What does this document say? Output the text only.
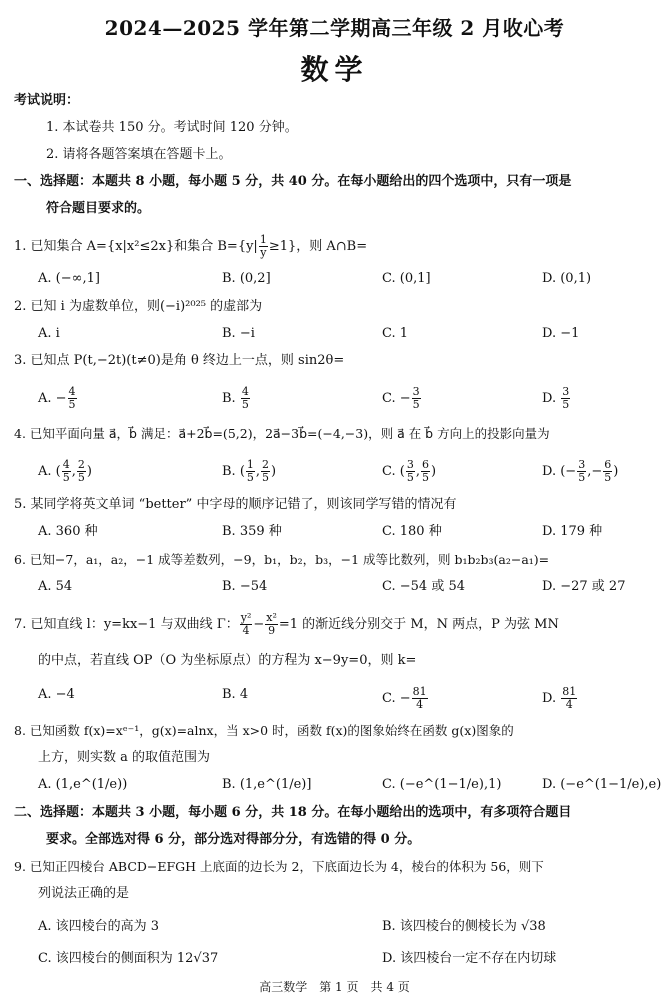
2024—2025 学年第二学期高三年级 2 月收心考
数学
考试说明：
1. 本试卷共 150 分。考试时间 120 分钟。
2. 请将各题答案填在答题卡上。
一、选择题：本题共 8 小题，每小题 5 分，共 40 分。在每小题给出的四个选项中，只有一项是
符合题目要求的。
1. 已知集合 A={x|x²≤2x}和集合 $B=\{y| \frac{1}{y} \ge 1\}$，则 A∩B=
A. (−∞,1]	B. (0,2]	C. (0,1]	D. (0,1)
2. 已知 i 为虚数单位，则(−i)²⁰²⁵ 的虚部为
A. i	B. −i	C. 1	D. −1
3. 已知点 P(t,−2t)(t≠0)是角 θ 终边上一点，则 sin2θ=
A. − $\frac{4}{5}$	B. $\frac{4}{5}$	C. − $\frac{3}{5}$	D. $\frac{3}{5}$
4. 已知平面向量 a⃗，b⃗ 满足：a⃗+2b⃗=(5,2)，2a⃗−3b⃗=(−4,−3)，则 a⃗ 在 b⃗ 方向上的投影向量为
A. ( $\frac{4}{5}$ , $\frac{2}{5}$ )	B. ( $\frac{1}{5}$ , $\frac{2}{5}$ )	C. ( $\frac{3}{5}$ , $\frac{6}{5}$ )	D. (− $\frac{3}{5}$ ,− $\frac{6}{5}$ )
5. 某同学将英文单词 “better” 中字母的顺序记错了，则该同学写错的情况有
A. 360 种	B. 359 种	C. 180 种	D. 179 种
6. 已知−7，a₁，a₂，−1 成等差数列，−9，b₁，b₂，b₃，−1 成等比数列，则 b₁b₂b₃(a₂−a₁)=
A. 54	B. −54	C. −54 或 54	D. −27 或 27
7. 已知直线 l：y=kx−1 与双曲线 Γ： $\frac{\text{y²}}{4} - \frac{\text{x²}}{9} =1$ 的渐近线分别交于 M，N 两点，P 为弦 MN
的中点，若直线 OP（O 为坐标原点）的方程为 x−9y=0，则 k=
A. −4	B. 4	C. − $\frac{81}{4}$	D. $\frac{81}{4}$
8. 已知函数 f(x)=xᵉ⁻¹，g(x)=alnx，当 x>0 时，函数 f(x)的图象始终在函数 g(x)图象的
上方，则实数 a 的取值范围为
A. (1,e^(1/e))	B. (1,e^(1/e)]	C. (−e^(1−1/e),1)	D. (−e^(1−1/e),e)
二、选择题：本题共 3 小题，每小题 6 分，共 18 分。在每小题给出的选项中，有多项符合题目
要求。全部选对得 6 分，部分选对得部分分，有选错的得 0 分。
9. 已知正四棱台 ABCD−EFGH 上底面的边长为 2，下底面边长为 4，棱台的体积为 56，则下
列说法正确的是
A. 该四棱台的高为 3	B. 该四棱台的侧棱长为 √38
C. 该四棱台的侧面积为 12√37	D. 该四棱台一定不存在内切球
高三数学　第 1 页　共 4 页
